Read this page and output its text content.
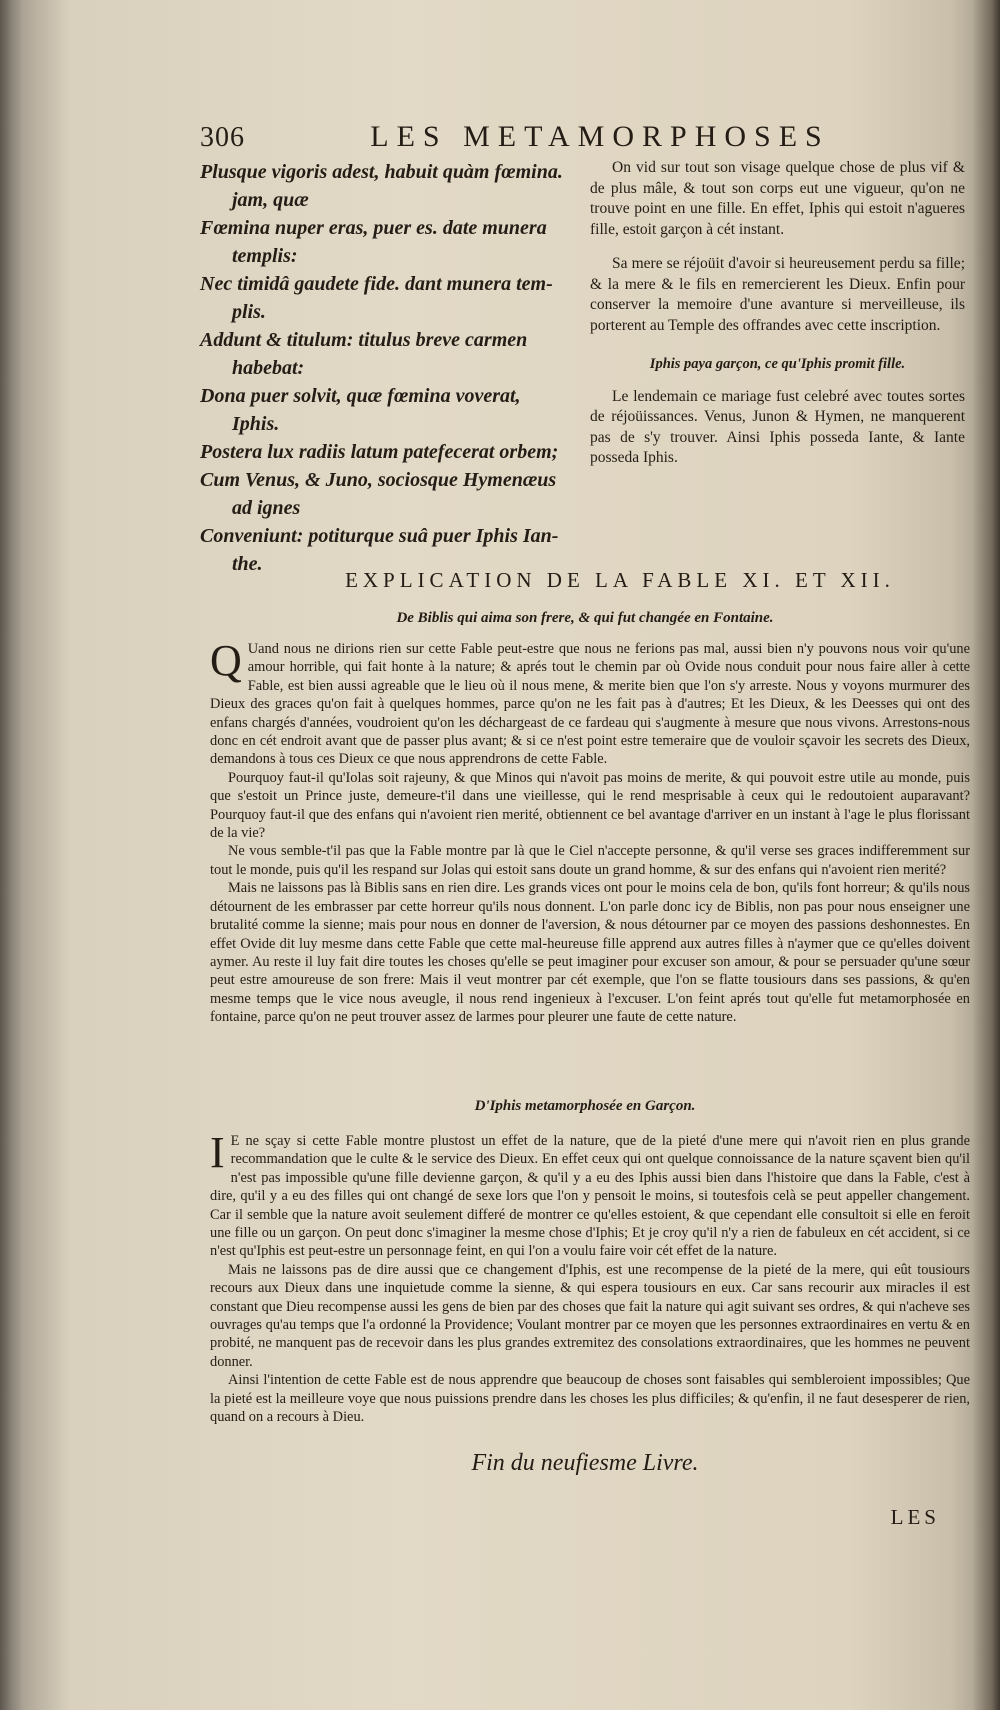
306	LES METAMORPHOSES
Plusque vigoris adest, habuit quàm fœmina.
jam, quæ
Fœmina nuper eras, puer es. date munera
templis:
Nec timidâ gaudete fide. dant munera tem-
plis.
Addunt & titulum: titulus breve carmen
habebat:
Dona puer solvit, quæ fœmina voverat,
Iphis.
Postera lux radiis latum patefecerat orbem;
Cum Venus, & Juno, sociosque Hymenæus
ad ignes
Conveniunt: potiturque suâ puer Iphis Ian-
the.

On vid sur tout son visage quelque chose de plus vif & de plus mâle, & tout son corps eut une vigueur, qu'on ne trouve point en une fille. En effet, Iphis qui estoit n'agueres fille, estoit garçon à cét instant.

Sa mere se réjoüit d'avoir si heureusement perdu sa fille; & la mere & le fils en remercierent les Dieux. Enfin pour conserver la memoire d'une avanture si merveilleuse, ils porterent au Temple des offrandes avec cette inscription.

Iphis paya garçon, ce qu'Iphis promit fille.

Le lendemain ce mariage fust celebré avec toutes sortes de réjoüissances. Venus, Junon & Hymen, ne manquerent pas de s'y trouver. Ainsi Iphis possedа Iante, & Iante posseda Iphis.

EXPLICATION DE LA FABLE XI. ET XII.
De Biblis qui aima son frere, & qui fut changée en Fontaine.

Q Uand nous ne dirions rien sur cette Fable peut-estre que nous ne ferions pas mal, aussi bien n'y pouvons nous voir qu'une amour horrible, qui fait honte à la nature; & aprés tout le chemin par où Ovide nous conduit pour nous faire aller à cette Fable, est bien aussi agreable que le lieu où il nous mene, & merite bien que l'on s'y arreste. Nous y voyons murmurer des Dieux des graces qu'on fait à quelques hommes, parce qu'on ne les fait pas à d'autres; Et les Dieux, & les Deesses qui ont des enfans chargés d'années, voudroient qu'on les déchargeast de ce fardeau qui s'augmente à mesure que nous vivons. Arrestons-nous donc en cét endroit avant que de passer plus avant; & si ce n'est point estre temeraire que de vouloir sçavoir les secrets des Dieux, demandons à tous ces Dieux ce que nous apprendrons de cette Fable.

Pourquoy faut-il qu'Iolas soit rajeuny, & que Minos qui n'avoit pas moins de merite, & qui pouvoit estre utile au monde, puis que s'estoit un Prince juste, demeure-t'il dans une vieillesse, qui le rend mesprisable à ceux qui le redoutoient auparavant? Pourquoy faut-il que des enfans qui n'avoient rien merité, obtiennent ce bel avantage d'arriver en un instant à l'age le plus florissant de la vie?

Ne vous semble-t'il pas que la Fable montre par là que le Ciel n'accepte personne, & qu'il verse ses graces indifferemment sur tout le monde, puis qu'il les respand sur Jolas qui estoit sans doute un grand homme, & sur des enfans qui n'avoient rien merité?

Mais ne laissons pas là Biblis sans en rien dire. Les grands vices ont pour le moins cela de bon, qu'ils font horreur; & qu'ils nous détournent de les embrasser par cette horreur qu'ils nous donnent. L'on parle donc icy de Biblis, non pas pour nous enseigner une brutalité comme la sienne; mais pour nous en donner de l'aversion, & nous détourner par ce moyen des passions deshonnestes. En effet Ovide dit luy mesme dans cette Fable que cette mal-heureuse fille apprend aux autres filles à n'aymer que ce qu'elles doivent aymer. Au reste il luy fait dire toutes les choses qu'elle se peut imaginer pour excuser son amour, & pour se persuader qu'une sœur peut estre amoureuse de son frere: Mais il veut montrer par cét exemple, que l'on se flatte tousiours dans ses passions, & qu'en mesme temps que le vice nous aveugle, il nous rend ingenieux à l'excuser. L'on feint aprés tout qu'elle fut metamorphosée en fontaine, parce qu'on ne peut trouver assez de larmes pour pleurer une faute de cette nature.

D'Iphis metamorphosée en Garçon.

I E ne sçay si cette Fable montre plustost un effet de la nature, que de la pieté d'une mere qui n'avoit rien en plus grande recommandation que le culte & le service des Dieux. En effet ceux qui ont quelque connoissance de la nature sçavent bien qu'il n'est pas impossible qu'une fille devienne garçon, & qu'il y a eu des Iphis aussi bien dans l'histoire que dans la Fable, c'est à dire, qu'il y a eu des filles qui ont changé de sexe lors que l'on y pensoit le moins, si toutesfois celà se peut appeller changement. Car il semble que la nature avoit seulement differé de montrer ce qu'elles estoient, & que cependant elle consultoit si elle en feroit une fille ou un garçon. On peut donc s'imaginer la mesme chose d'Iphis; Et je croy qu'il n'y a rien de fabuleux en cét accident, si ce n'est qu'Iphis est peut-estre un personnage feint, en qui l'on a voulu faire voir cét effet de la nature.

Mais ne laissons pas de dire aussi que ce changement d'Iphis, est une recompense de la pieté de la mere, qui eût tousiours recours aux Dieux dans une inquietude comme la sienne, & qui espera tousiours en eux. Car sans recourir aux miracles il est constant que Dieu recompense aussi les gens de bien par des choses que fait la nature qui agit suivant ses ordres, & qui n'acheve ses ouvrages qu'au temps que l'a ordonné la Providence; Voulant montrer par ce moyen que les personnes extraordinaires en vertu & en probité, ne manquent pas de recevoir dans les plus grandes extremitez des consolations extraordinaires, que les hommes ne peuvent donner.

Ainsi l'intention de cette Fable est de nous apprendre que beaucoup de choses sont faisables qui sembleroient impossibles; Que la pieté est la meilleure voye que nous puissions prendre dans les choses les plus difficiles; & qu'enfin, il ne faut desesperer de rien, quand on a recours à Dieu.

Fin du neufiesme Livre.
LES
